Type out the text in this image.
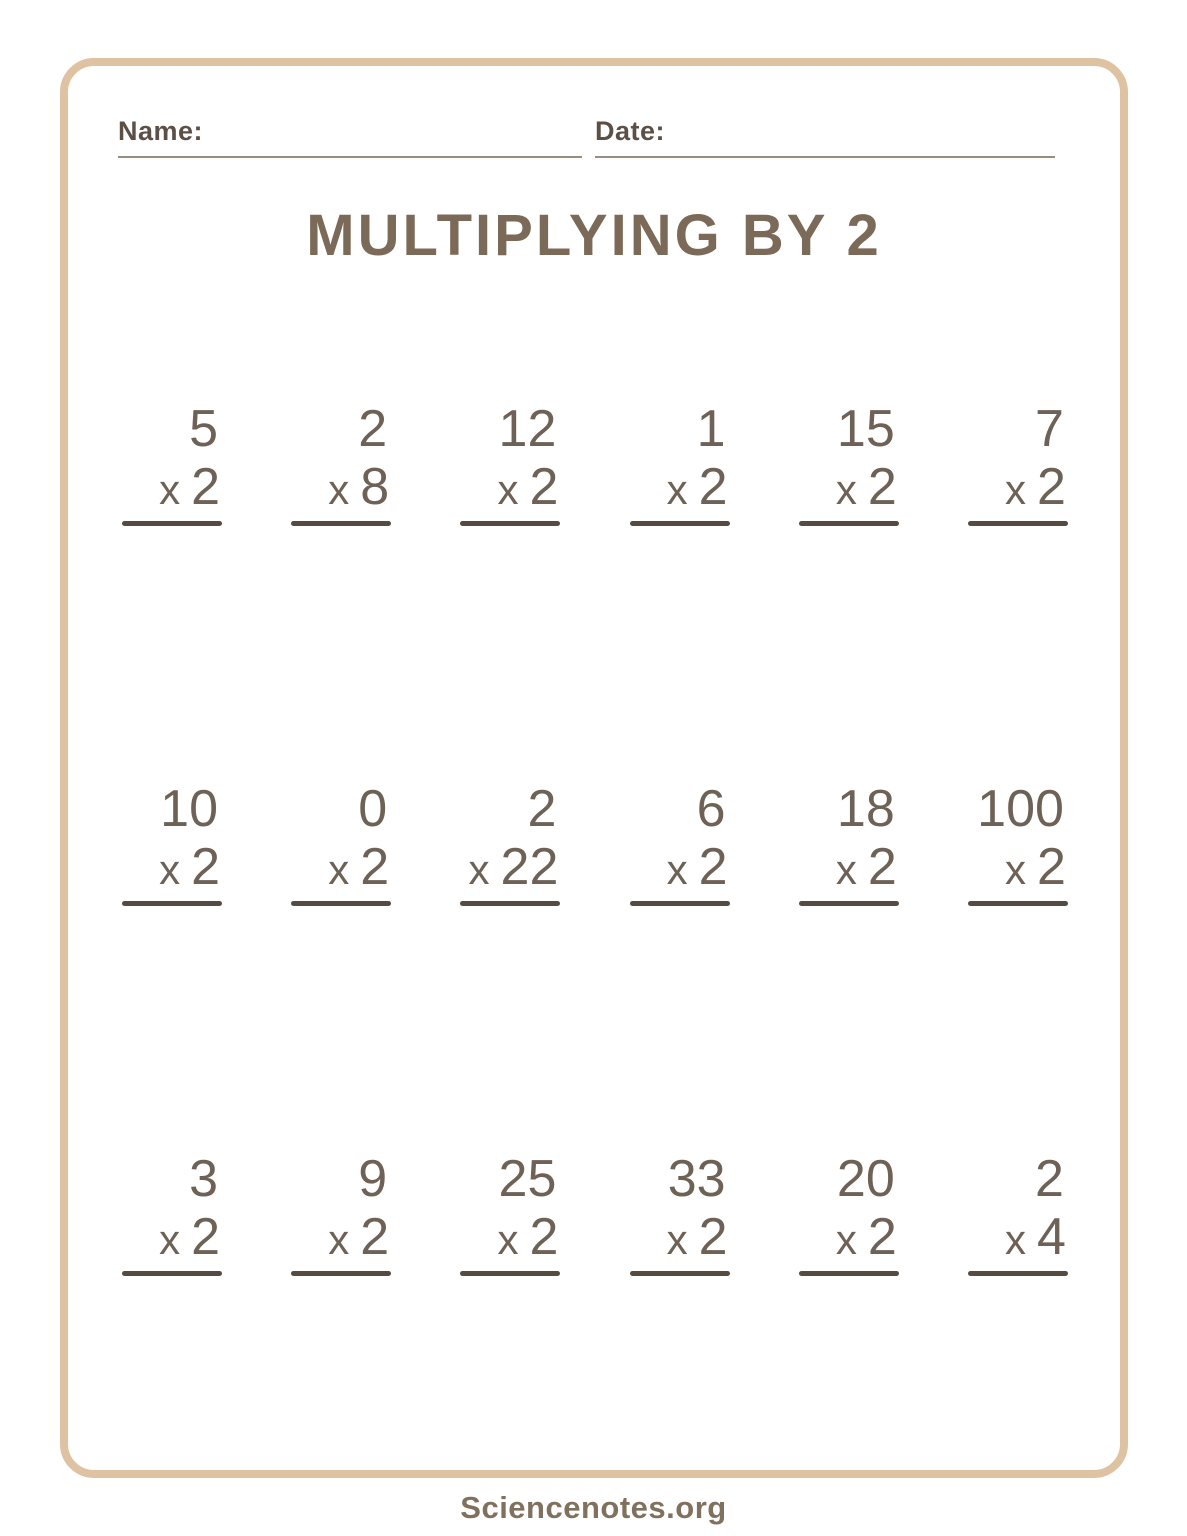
Name:	Date:
MULTIPLYING BY 2
5
x 2
2
x 8
12
x 2
1
x 2
15
x 2
7
x 2
10
x 2
0
x 2
2
x 22
6
x 2
18
x 2
100
x 2
3
x 2
9
x 2
25
x 2
33
x 2
20
x 2
2
x 4
Sciencenotes.org
